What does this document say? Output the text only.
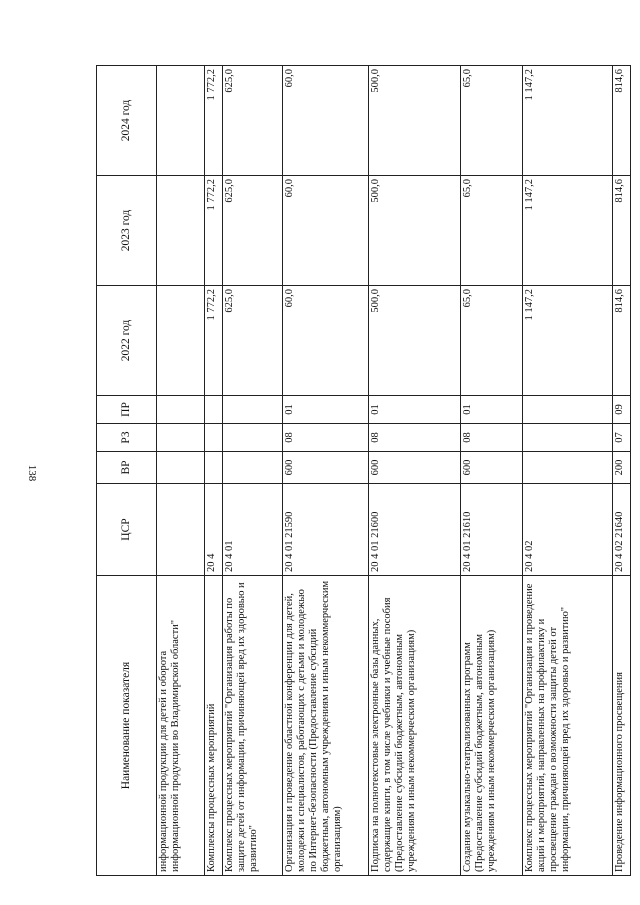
138
Наименование показателя	ЦСР	ВР	РЗ	ПР	2022 год	2023 год	2024 год
информационной продукции для детей и оборота информационной продукции во Владимирской области"							
Комплексы процессных мероприятий	20 4				1 772,2	1 772,2	1 772,2
Комплекс процессных мероприятий "Организация работы по защите детей от информации, причиняющей вред их здоровью и развитию"	20 4 01				625,0	625,0	625,0
Организация и проведение областной конференции для детей, молодежи и специалистов, работающих с детьми и молодежью по Интернет-безопасности (Предоставление субсидий бюджетным, автономным учреждениям и иным некоммерческим организациям)	20 4 01 21590	600	08	01	60,0	60,0	60,0
Подписка на полнотекстовые электронные базы данных, содержащие книги, в том числе учебники и учебные пособия (Предоставление субсидий бюджетным, автономным учреждениям и иным некоммерческим организациям)	20 4 01 21600	600	08	01	500,0	500,0	500,0
Создание музыкально-театрализованных программ (Предоставление субсидий бюджетным, автономным учреждениям и иным некоммерческим организациям)	20 4 01 21610	600	08	01	65,0	65,0	65,0
Комплекс процессных мероприятий "Организация и проведение акций и мероприятий, направленных на профилактику и просвещение граждан о возможности защиты детей от информации, причиняющей вред их здоровью и развитию"	20 4 02				1 147,2	1 147,2	1 147,2
Проведение информационного просвещения	20 4 02 21640	200	07	09	814,6	814,6	814,6
